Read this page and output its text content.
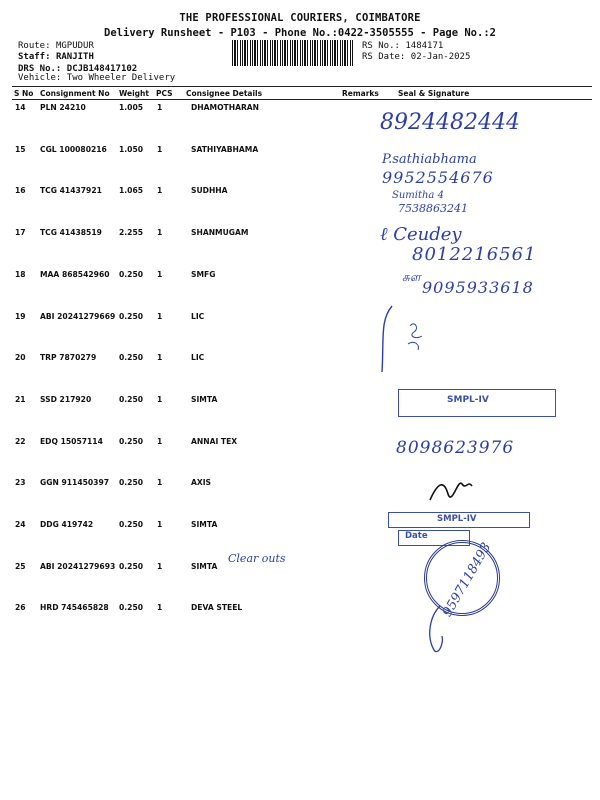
THE PROFESSIONAL COURIERS, COIMBATORE
Delivery Runsheet - P103 - Phone No.:0422-3505555 - Page No.:2
Route: MGPUDUR
Staff: RANJITH
DRS No.: DCJB148417102
Vehicle: Two Wheeler Delivery
RS No.: 1484171
RS Date: 02-Jan-2025
S No Consignment No Weight PCS Consignee Details	Remarks	Seal & Signature
14 PLN 24210	1.005 1	DHAMOTHARAN
15 CGL 100080216 1.050 1	SATHIYABHAMA
16 TCG 41437921 1.065 1	SUDHHA
17 TCG 41438519 2.255 1	SHANMUGAM
18 MAA 868542960 0.250 1	SMFG
19 ABI 20241279669 0.250 1	LIC
20 TRP 7870279	0.250 1	LIC
21 SSD 217920	0.250 1	SIMTA
22 EDQ 15057114 0.250 1	ANNAI TEX
23 GGN 911450397 0.250 1	AXIS
24 DDG 419742	0.250 1	SIMTA
25 ABI 20241279693 0.250 1	SIMTA
26 HRD 745465828 0.250 1	DEVA STEEL
8924482444
P.sathiabhama
9952554676
Sumitha 4
7538863241
ℓ Ceudey
8012216561
சுள
9095933618
SMPL-IV
8098623976
SMPL-IV
Date
Clear outs	9597118493
